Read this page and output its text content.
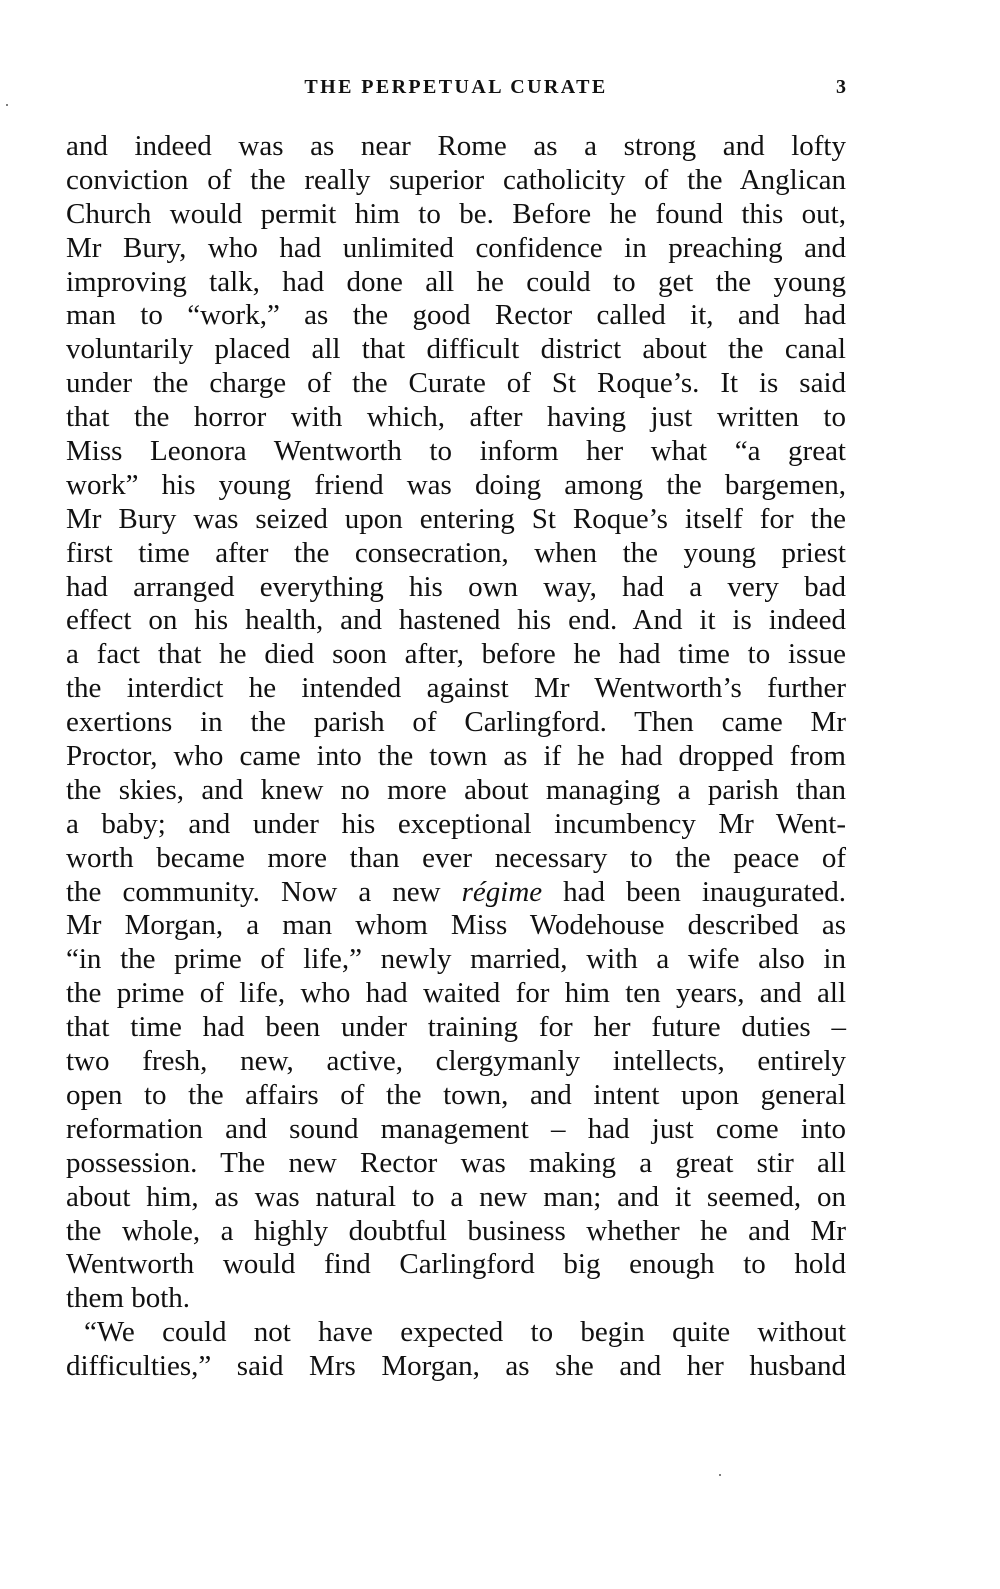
THE PERPETUAL CURATE	3
and indeed was as near Rome as a strong and lofty
conviction of the really superior catholicity of the Anglican
Church would permit him to be. Before he found this out,
Mr Bury, who had unlimited confidence in preaching and
improving talk, had done all he could to get the young
man to “work,” as the good Rector called it, and had
voluntarily placed all that difficult district about the canal
under the charge of the Curate of St Roque’s. It is said
that the horror with which, after having just written to
Miss Leonora Wentworth to inform her what “a great
work” his young friend was doing among the bargemen,
Mr Bury was seized upon entering St Roque’s itself for the
first time after the consecration, when the young priest
had arranged everything his own way, had a very bad
effect on his health, and hastened his end. And it is indeed
a fact that he died soon after, before he had time to issue
the interdict he intended against Mr Wentworth’s further
exertions in the parish of Carlingford. Then came Mr
Proctor, who came into the town as if he had dropped from
the skies, and knew no more about managing a parish than
a baby; and under his exceptional incumbency Mr Went-
worth became more than ever necessary to the peace of
the community. Now a new régime had been inaugurated.
Mr Morgan, a man whom Miss Wodehouse described as
“in the prime of life,” newly married, with a wife also in
the prime of life, who had waited for him ten years, and all
that time had been under training for her future duties –
two fresh, new, active, clergymanly intellects, entirely
open to the affairs of the town, and intent upon general
reformation and sound management – had just come into
possession. The new Rector was making a great stir all
about him, as was natural to a new man; and it seemed, on
the whole, a highly doubtful business whether he and Mr
Wentworth would find Carlingford big enough to hold
them both.
“We could not have expected to begin quite without
difficulties,” said Mrs Morgan, as she and her husband
